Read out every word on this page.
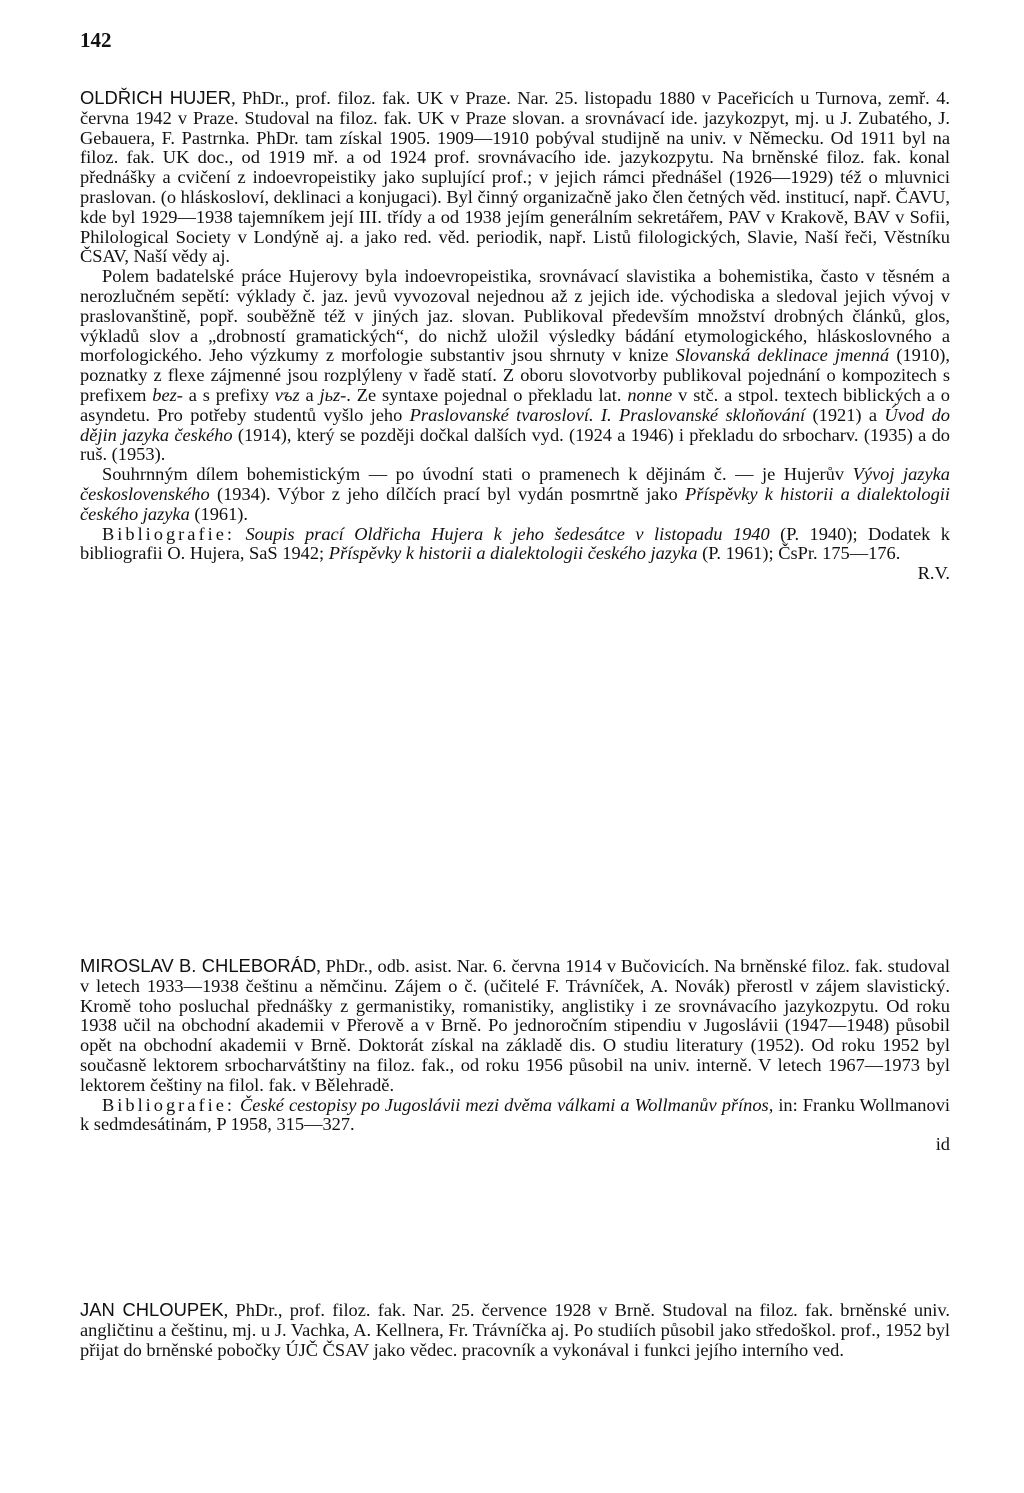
142

OLDŘICH HUJER, PhDr., prof. filoz. fak. UK v Praze. Nar. 25. listopadu 1880 v Paceřicích u Turnova, zemř. 4. června 1942 v Praze. Studoval na filoz. fak. UK v Praze slovan. a srovnávací ide. jazykozpyt, mj. u J. Zubatého, J. Gebauera, F. Pastrnka. PhDr. tam získal 1905. 1909—1910 pobýval studijně na univ. v Německu. Od 1911 byl na filoz. fak. UK doc., od 1919 mř. a od 1924 prof. srovnávacího ide. jazykozpytu. Na brněnské filoz. fak. konal přednášky a cvičení z indoevropeistiky jako suplující prof.; v jejich rámci přednášel (1926—1929) též o mluvnici praslovan. (o hláskosloví, deklinaci a konjugaci). Byl činný organizačně jako člen četných věd. institucí, např. ČAVU, kde byl 1929—1938 tajemníkem její III. třídy a od 1938 jejím generálním sekretářem, PAV v Krakově, BAV v Sofii, Philological Society v Londýně aj. a jako red. věd. periodik, např. Listů filologických, Slavie, Naší řeči, Věstníku ČSAV, Naší vědy aj.

Polem badatelské práce Hujerovy byla indoevropeistika, srovnávací slavistika a bohemistika, často v těsném a nerozlučném sepětí: výklady č. jaz. jevů vyvozoval nejednou až z jejich ide. východiska a sledoval jejich vývoj v praslovanštině, popř. souběžně též v jiných jaz. slovan. Publikoval především množství drobných článků, glos, výkladů slov a „drobností gramatických“, do nichž uložil výsledky bádání etymologického, hláskoslovného a morfologického. Jeho výzkumy z morfologie substantiv jsou shrnuty v knize Slovanská deklinace jmenná (1910), poznatky z flexe zájmenné jsou rozplýleny v řadě statí. Z oboru slovotvorby publikoval pojednání o kompozitech s prefixem bez- a s prefixy vъz a jьz-. Ze syntaxe pojednal o překladu lat. nonne v stč. a stpol. textech biblických a o asyndetu. Pro potřeby studentů vyšlo jeho Praslovanské tvarosloví. I. Praslovanské skloňování (1921) a Úvod do dějin jazyka českého (1914), který se později dočkal dalších vyd. (1924 a 1946) i překladu do srbocharv. (1935) a do ruš. (1953).

Souhrnným dílem bohemistickým — po úvodní stati o pramenech k dějinám č. — je Hujerův Vývoj jazyka československého (1934). Výbor z jeho dílčích prací byl vydán posmrtně jako Příspěvky k historii a dialektologii českého jazyka (1961).

Bibliografie: Soupis prací Oldřicha Hujera k jeho šedesátce v listopadu 1940 (P. 1940); Dodatek k bibliografii O. Hujera, SaS 1942; Příspěvky k historii a dialektologii českého jazyka (P. 1961); ČsPr. 175—176.

R.V.

MIROSLAV B. CHLEBORÁD, PhDr., odb. asist. Nar. 6. června 1914 v Bučovicích. Na brněnské filoz. fak. studoval v letech 1933—1938 češtinu a němčinu. Zájem o č. (učitelé F. Trávníček, A. Novák) přerostl v zájem slavistický. Kromě toho posluchal přednášky z germanistiky, romanistiky, anglistiky i ze srovnávacího jazykozpytu. Od roku 1938 učil na obchodní akademii v Přerově a v Brně. Po jednoročním stipendiu v Jugoslávii (1947—1948) působil opět na obchodní akademii v Brně. Doktorát získal na základě dis. O studiu literatury (1952). Od roku 1952 byl současně lektorem srbocharvátštiny na filoz. fak., od roku 1956 působil na univ. interně. V letech 1967—1973 byl lektorem češtiny na filol. fak. v Bělehradě.

Bibliografie: České cestopisy po Jugoslávii mezi dvěma válkami a Wollmanův přínos, in: Franku Wollmanovi k sedmdesátinám, P 1958, 315—327.

id

JAN CHLOUPEK, PhDr., prof. filoz. fak. Nar. 25. července 1928 v Brně. Studoval na filoz. fak. brněnské univ. angličtinu a češtinu, mj. u J. Vachka, A. Kellnera, Fr. Trávníčka aj. Po studiích působil jako středoškol. prof., 1952 byl přijat do brněnské pobočky ÚJČ ČSAV jako vědec. pracovník a vykonával i funkci jejího interního ved.
